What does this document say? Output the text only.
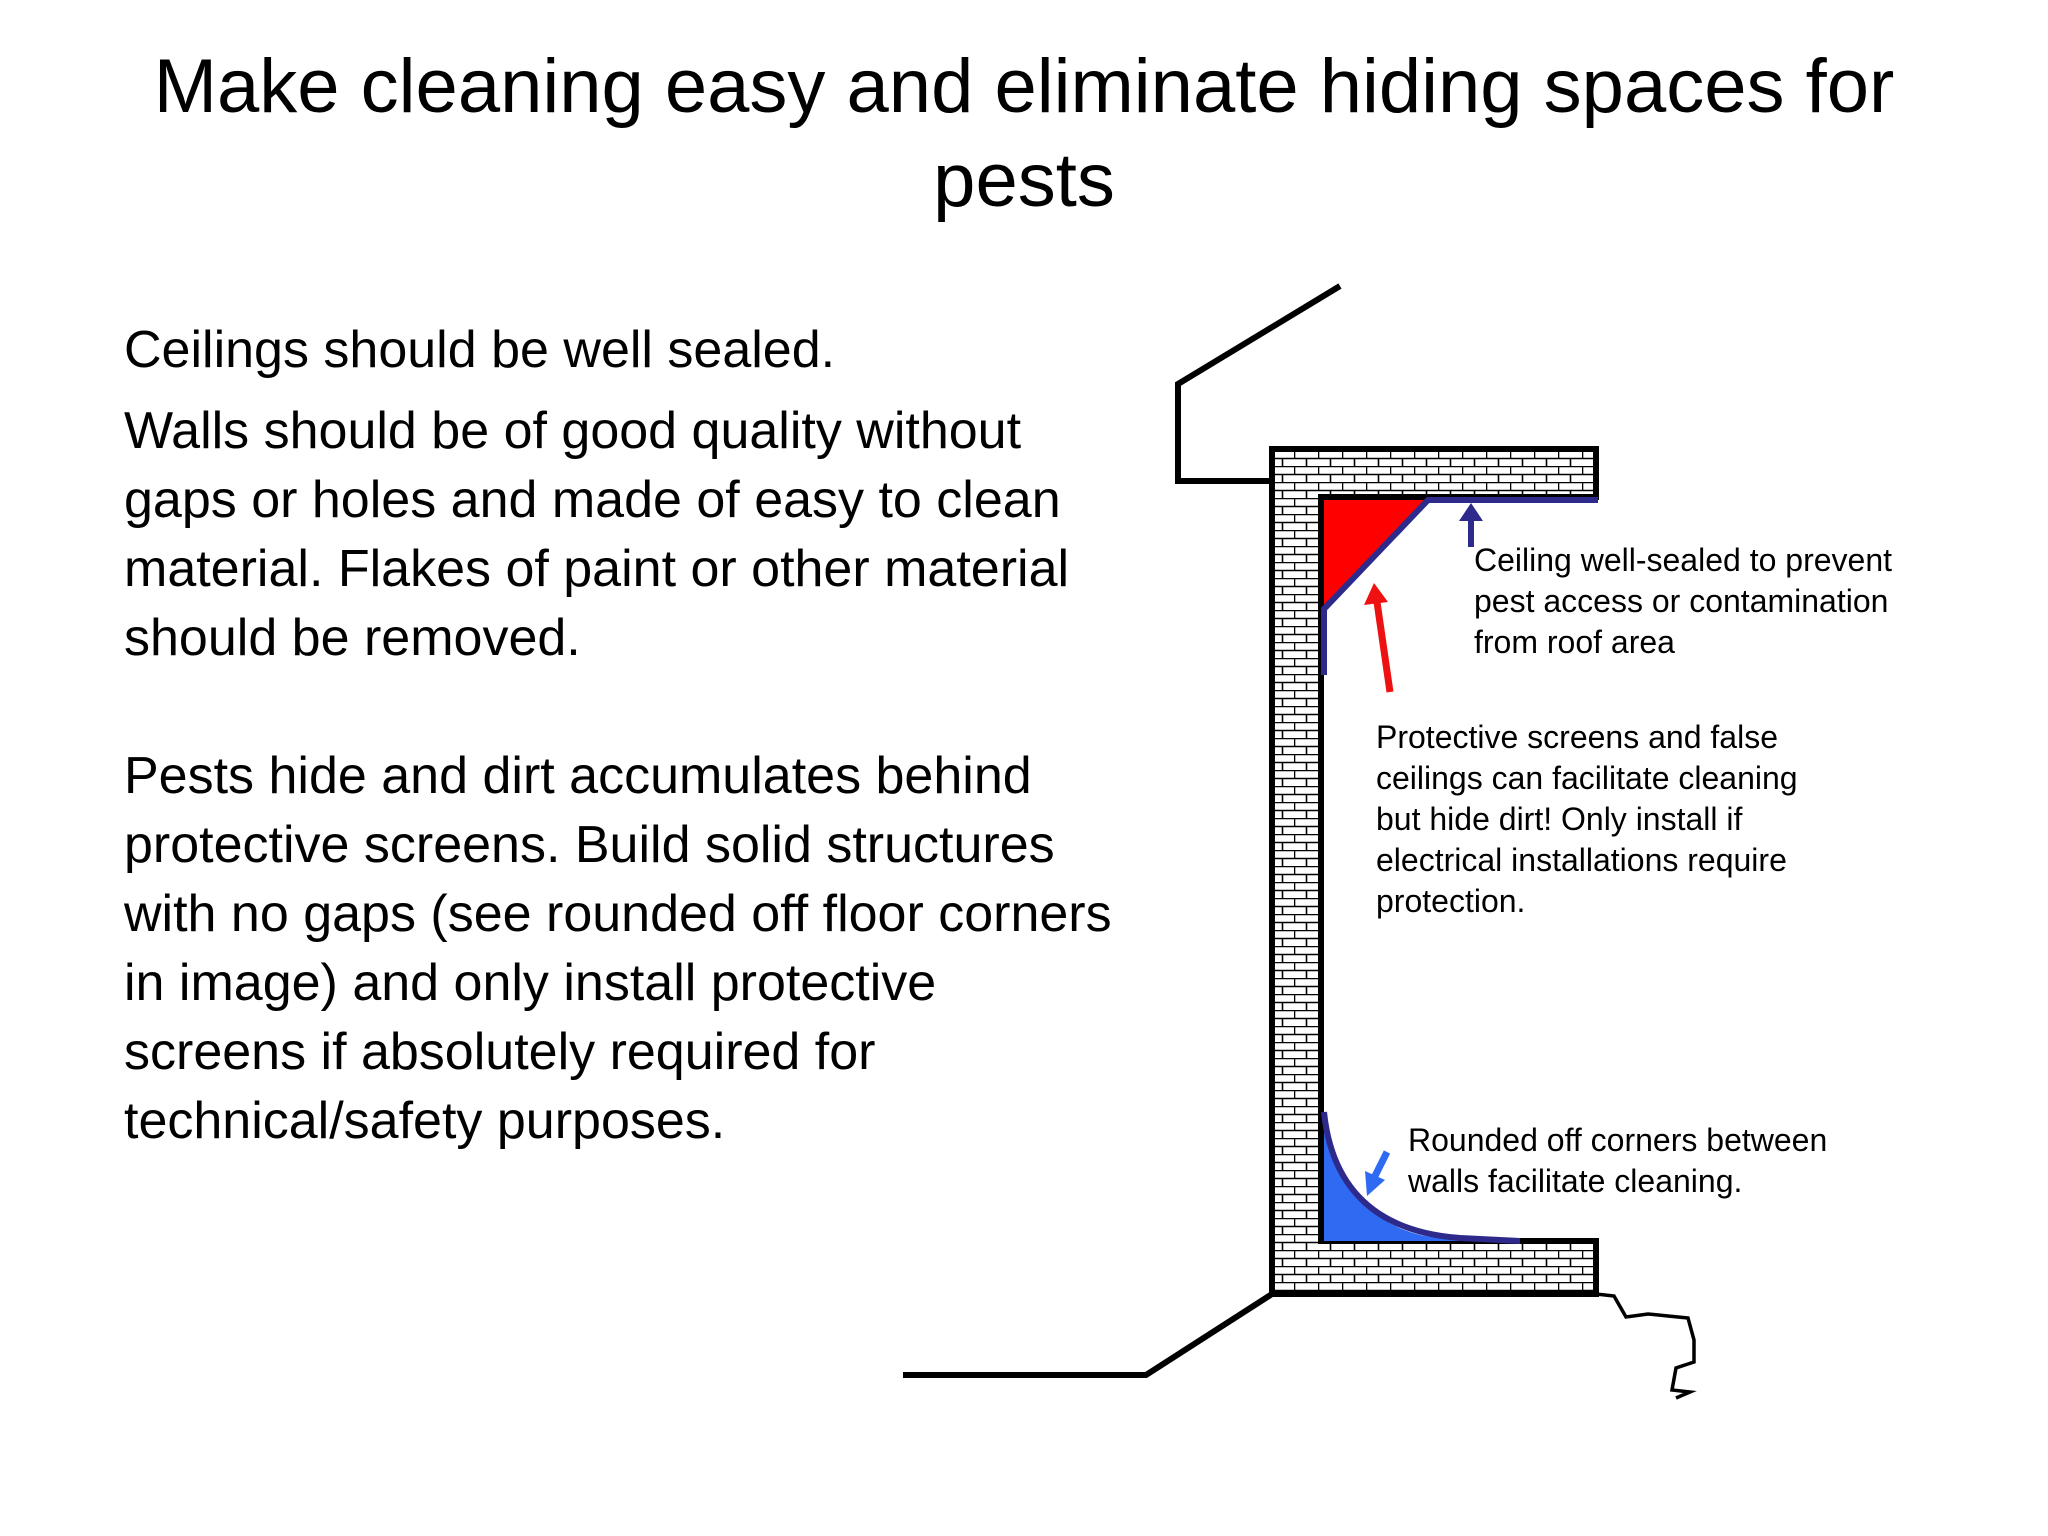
Make cleaning easy and eliminate hiding spaces for pests

Ceilings should be well sealed.

Walls should be of good quality without gaps or holes and made of easy to clean material. Flakes of paint or other material should be removed.

Pests hide and dirt accumulates behind protective screens. Build solid structures with no gaps (see rounded off floor corners in image) and only install protective screens if absolutely required for technical/safety purposes.

Ceiling well-sealed to prevent
pest access or contamination
from roof area

Protective screens and false
ceilings can facilitate cleaning
but hide dirt! Only install if
electrical installations require
protection.

Rounded off corners between
walls facilitate cleaning.
